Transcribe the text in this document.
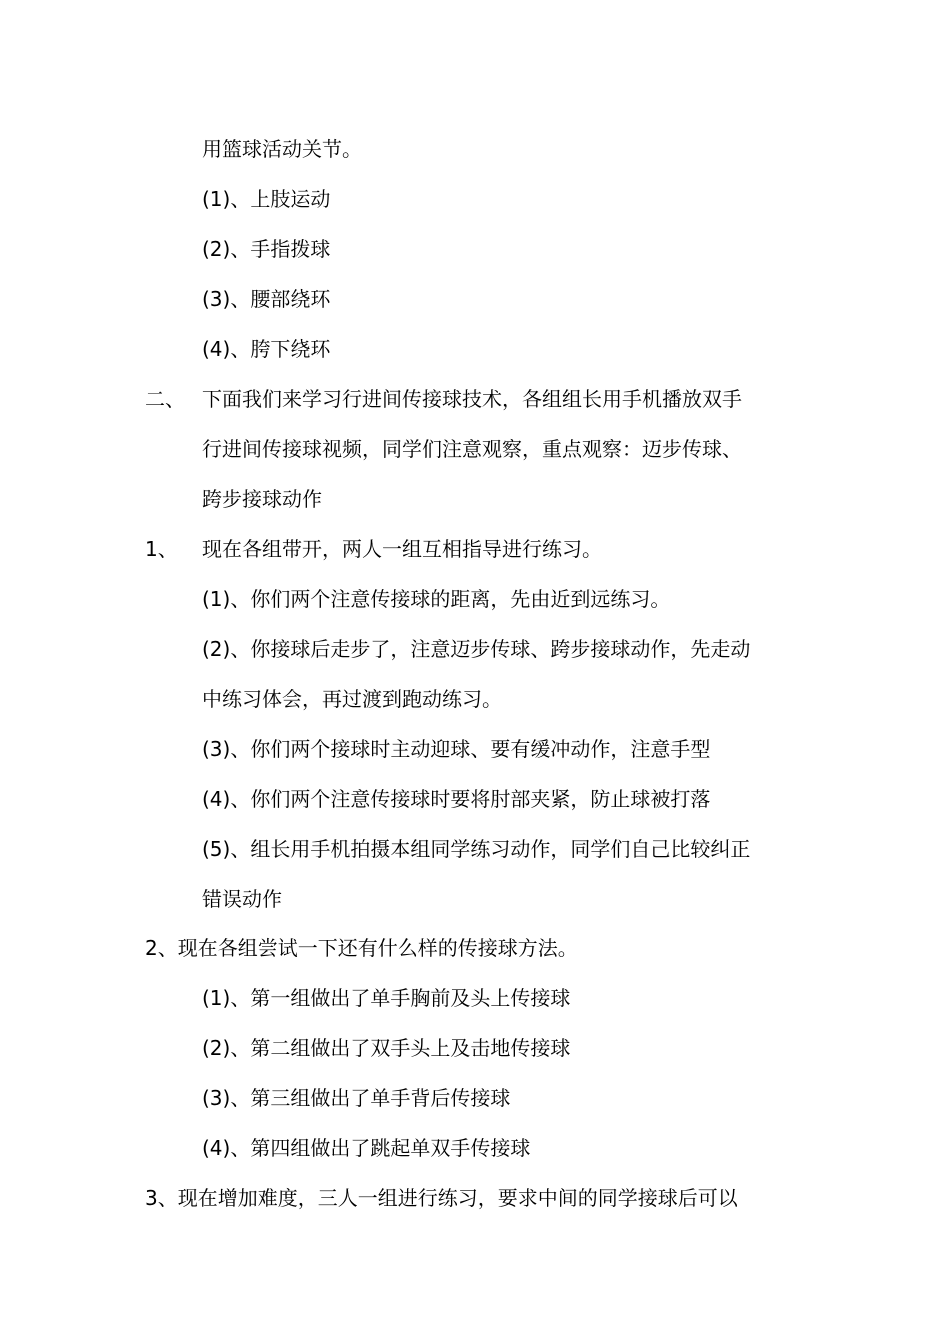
用篮球活动关节。
(1)、上肢运动
(2)、手指拨球
(3)、腰部绕环
(4)、胯下绕环
二、 下面我们来学习行进间传接球技术，各组组长用手机播放双手
行进间传接球视频，同学们注意观察，重点观察：迈步传球、
跨步接球动作
1、 现在各组带开，两人一组互相指导进行练习。
(1)、你们两个注意传接球的距离，先由近到远练习。
(2)、你接球后走步了，注意迈步传球、跨步接球动作，先走动
中练习体会，再过渡到跑动练习。
(3)、你们两个接球时主动迎球、要有缓冲动作，注意手型
(4)、你们两个注意传接球时要将肘部夹紧，防止球被打落
(5)、组长用手机拍摄本组同学练习动作，同学们自己比较纠正
错误动作
2、现在各组尝试一下还有什么样的传接球方法。
(1)、第一组做出了单手胸前及头上传接球
(2)、第二组做出了双手头上及击地传接球
(3)、第三组做出了单手背后传接球
(4)、第四组做出了跳起单双手传接球
3、现在增加难度，三人一组进行练习，要求中间的同学接球后可以
